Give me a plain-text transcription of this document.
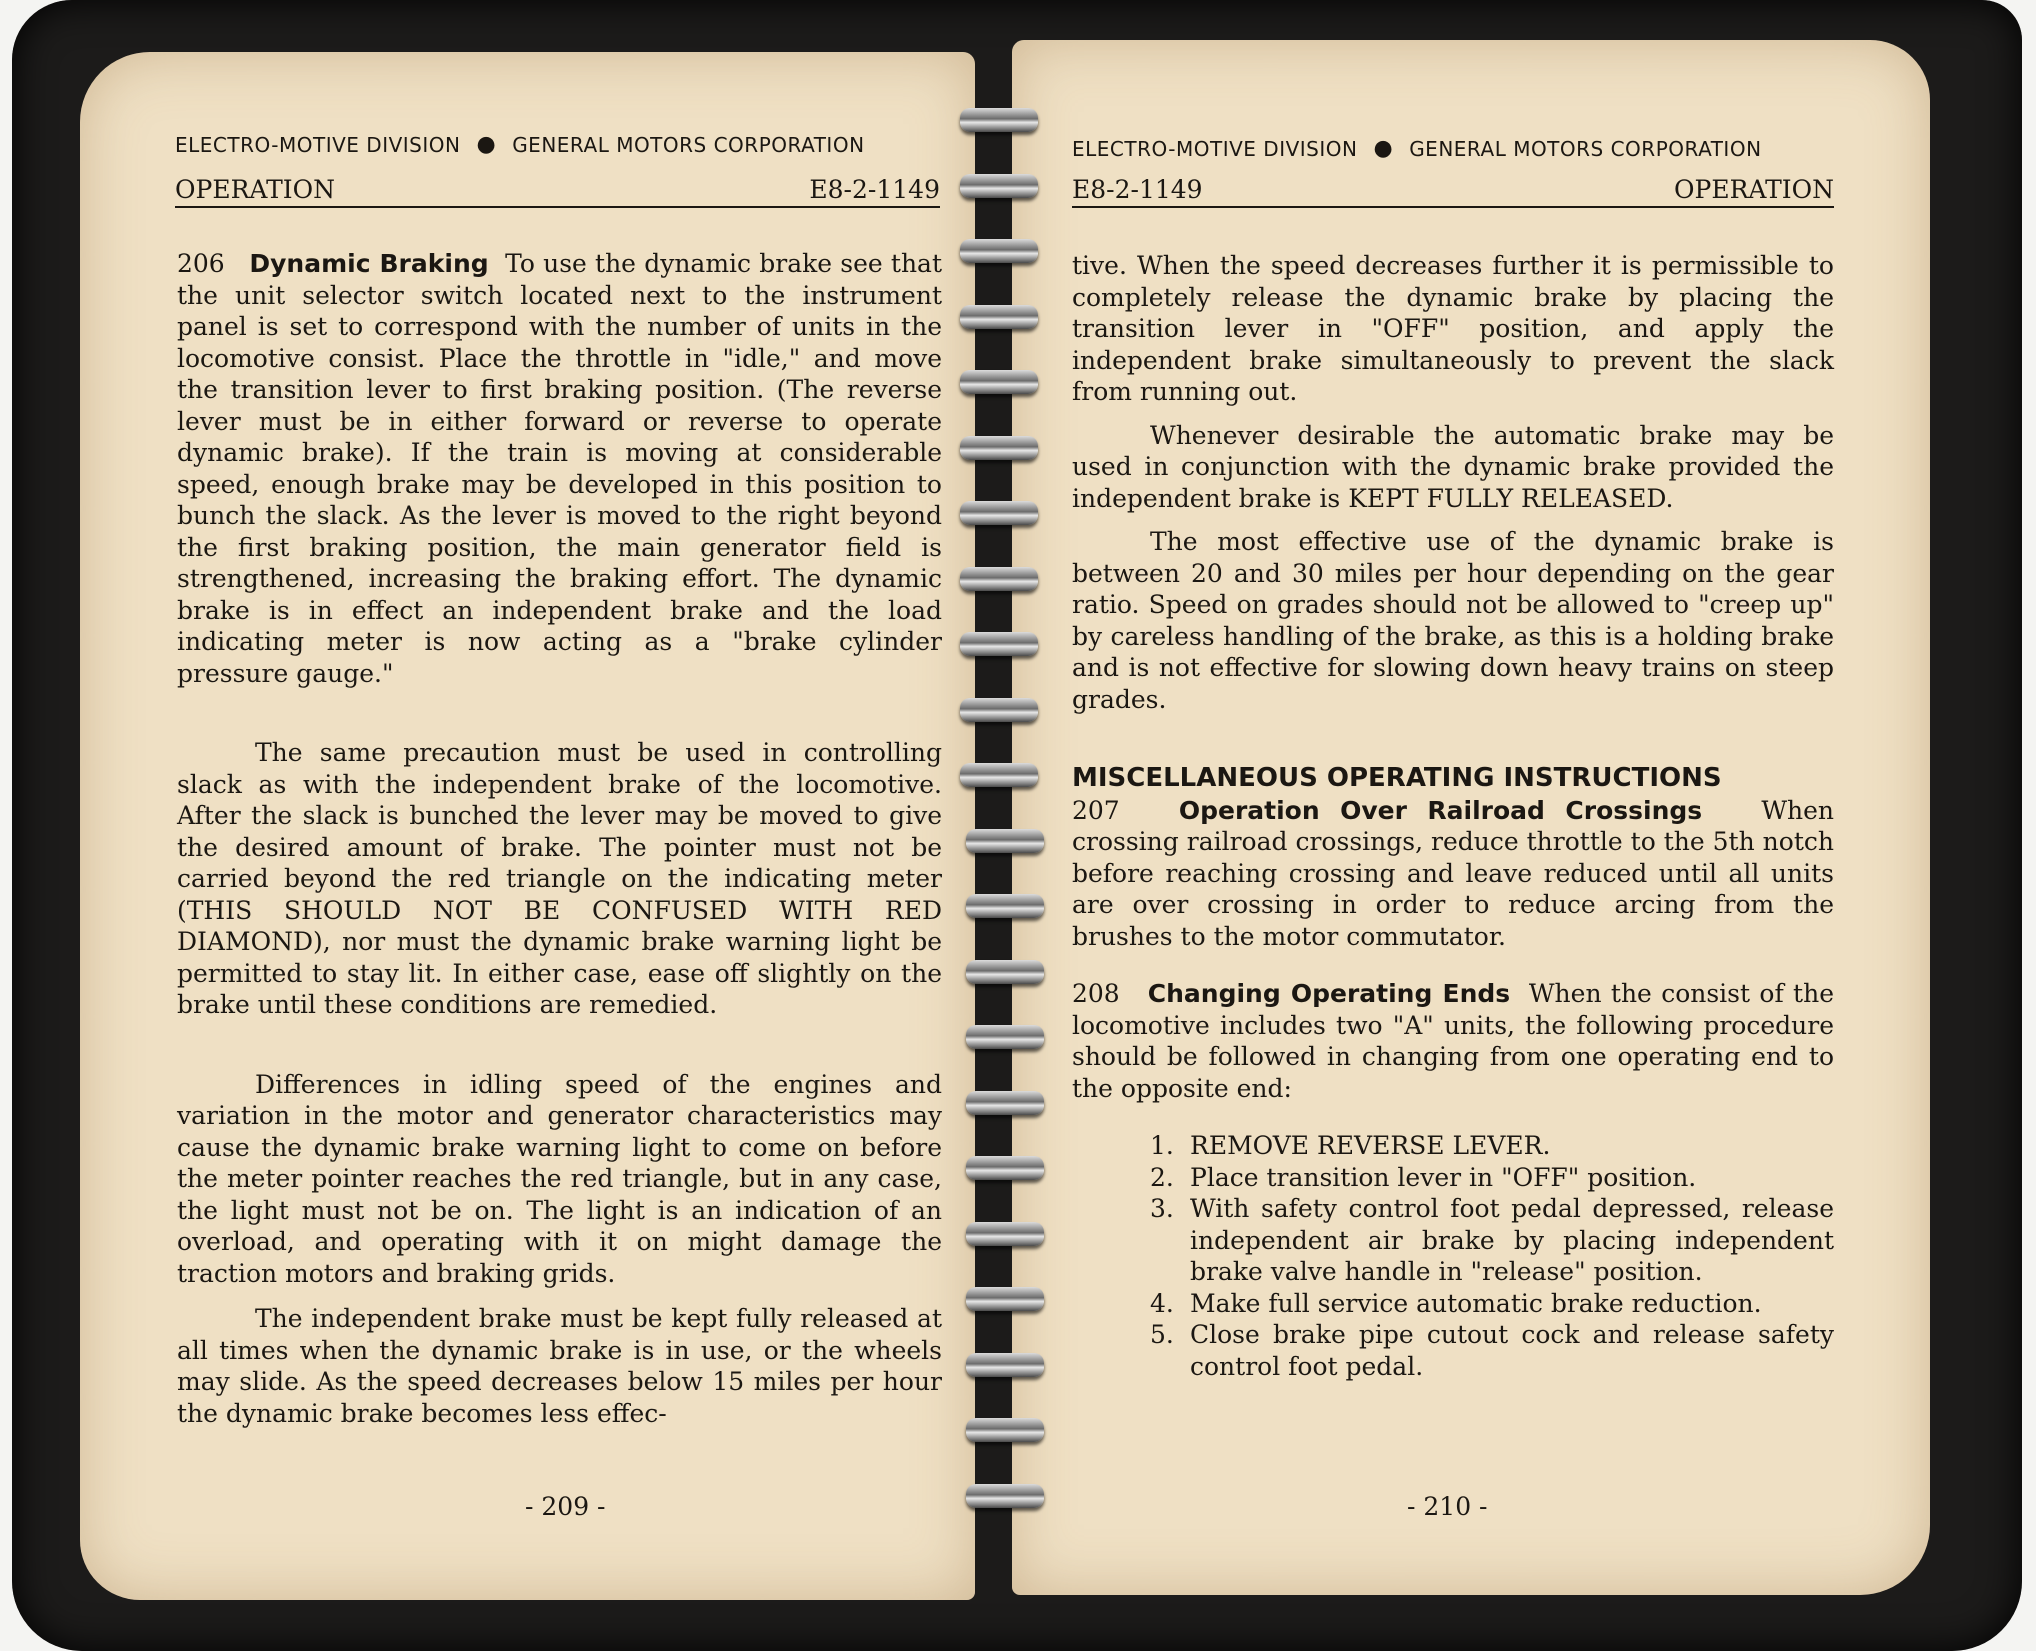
ELECTRO-MOTIVE DIVISION ● GENERAL MOTORS CORPORATION
OPERATION	E8-2-1149

206 Dynamic Braking To use the dynamic brake see that the unit selector switch located next to the instrument panel is set to correspond with the number of units in the locomotive consist. Place the throttle in "idle," and move the transition lever to first braking position. (The reverse lever must be in either forward or reverse to operate dynamic brake). If the train is moving at considerable speed, enough brake may be developed in this position to bunch the slack. As the lever is moved to the right beyond the first braking position, the main generator field is strengthened, increasing the braking effort. The dynamic brake is in effect an independent brake and the load indicating meter is now acting as a "brake cylinder pressure gauge."

The same precaution must be used in controlling slack as with the independent brake of the locomotive. After the slack is bunched the lever may be moved to give the desired amount of brake. The pointer must not be carried beyond the red triangle on the indicating meter (THIS SHOULD NOT BE CONFUSED WITH RED DIAMOND), nor must the dynamic brake warning light be permitted to stay lit. In either case, ease off slightly on the brake until these conditions are remedied.

Differences in idling speed of the engines and variation in the motor and generator characteristics may cause the dynamic brake warning light to come on before the meter pointer reaches the red triangle, but in any case, the light must not be on. The light is an indication of an overload, and operating with it on might damage the traction motors and braking grids.

The independent brake must be kept fully released at all times when the dynamic brake is in use, or the wheels may slide. As the speed decreases below 15 miles per hour the dynamic brake becomes less effec-

- 209 -
ELECTRO-MOTIVE DIVISION ● GENERAL MOTORS CORPORATION
E8-2-1149	OPERATION

tive. When the speed decreases further it is permissible to completely release the dynamic brake by placing the transition lever in "OFF" position, and apply the independent brake simultaneously to prevent the slack from running out.

Whenever desirable the automatic brake may be used in conjunction with the dynamic brake provided the independent brake is KEPT FULLY RELEASED.

The most effective use of the dynamic brake is between 20 and 30 miles per hour depending on the gear ratio. Speed on grades should not be allowed to "creep up" by careless handling of the brake, as this is a holding brake and is not effective for slowing down heavy trains on steep grades.

MISCELLANEOUS OPERATING INSTRUCTIONS

207 Operation Over Railroad Crossings When crossing railroad crossings, reduce throttle to the 5th notch before reaching crossing and leave reduced until all units are over crossing in order to reduce arcing from the brushes to the motor commutator.

208 Changing Operating Ends When the consist of the locomotive includes two "A" units, the following procedure should be followed in changing from one operating end to the opposite end:

1. REMOVE REVERSE LEVER.
2. Place transition lever in "OFF" position.
3. With safety control foot pedal depressed, release independent air brake by placing independent brake valve handle in "release" position.
4. Make full service automatic brake reduction.
5. Close brake pipe cutout cock and release safety control foot pedal.
- 210 -
